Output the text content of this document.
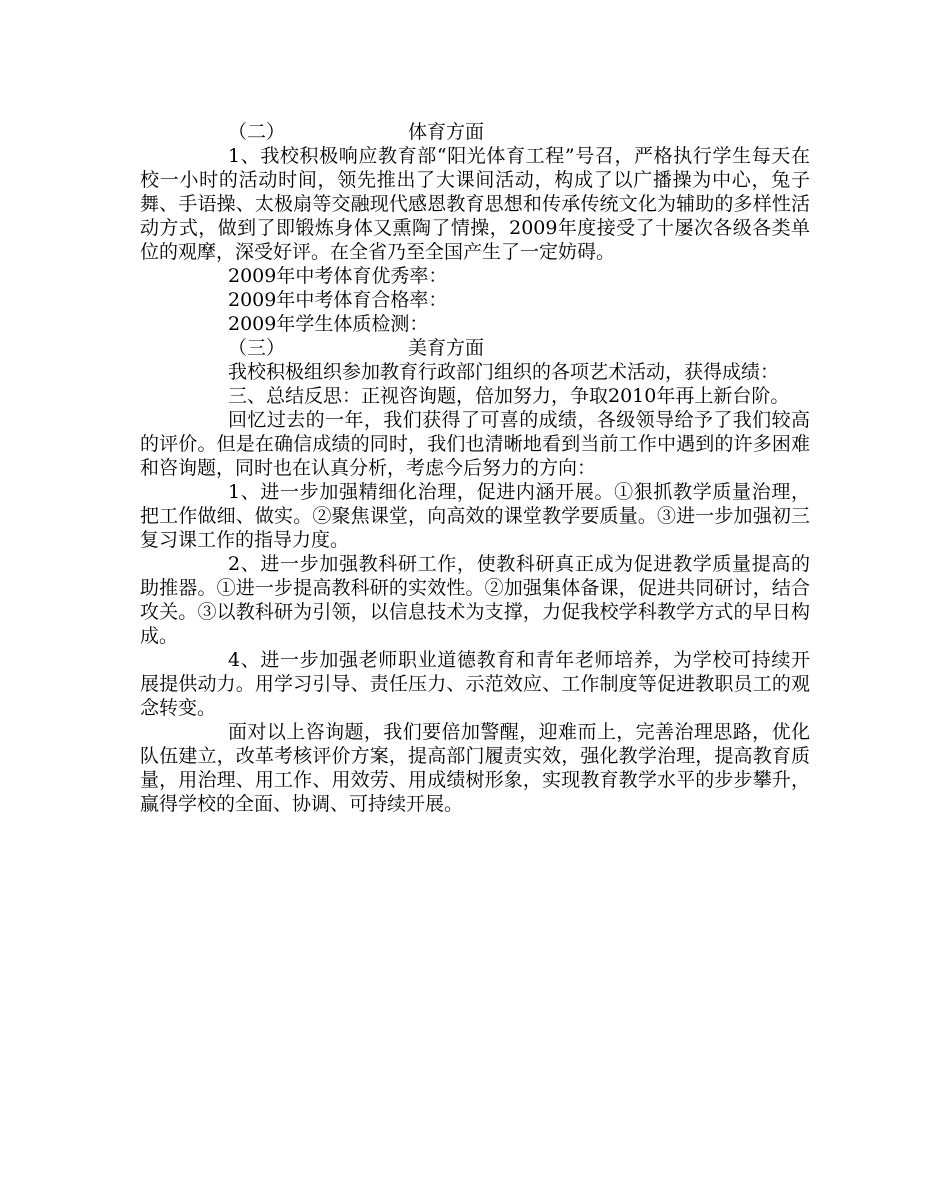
（二）	体育方面

1、我校积极响应教育部“阳光体育工程”号召，严格执行学生每天在校一小时的活动时间，领先推出了大课间活动，构成了以广播操为中心，兔子舞、手语操、太极扇等交融现代感恩教育思想和传承传统文化为辅助的多样性活动方式，做到了即锻炼身体又熏陶了情操，2009年度接受了十屡次各级各类单位的观摩，深受好评。在全省乃至全国产生了一定妨碍。

2009年中考体育优秀率：

2009年中考体育合格率：

2009年学生体质检测：

（三）	美育方面

我校积极组织参加教育行政部门组织的各项艺术活动，获得成绩：

三、总结反思：正视咨询题，倍加努力，争取2010年再上新台阶。

回忆过去的一年，我们获得了可喜的成绩，各级领导给予了我们较高的评价。但是在确信成绩的同时，我们也清晰地看到当前工作中遇到的许多困难和咨询题，同时也在认真分析，考虑今后努力的方向：

1、进一步加强精细化治理，促进内涵开展。①狠抓教学质量治理，把工作做细、做实。②聚焦课堂，向高效的课堂教学要质量。③进一步加强初三复习课工作的指导力度。

2、进一步加强教科研工作，使教科研真正成为促进教学质量提高的助推器。①进一步提高教科研的实效性。②加强集体备课，促进共同研讨，结合攻关。③以教科研为引领，以信息技术为支撑，力促我校学科教学方式的早日构成。

4、进一步加强老师职业道德教育和青年老师培养，为学校可持续开展提供动力。用学习引导、责任压力、示范效应、工作制度等促进教职员工的观念转变。

面对以上咨询题，我们要倍加警醒，迎难而上，完善治理思路，优化队伍建立，改革考核评价方案，提高部门履责实效，强化教学治理，提高教育质量，用治理、用工作、用效劳、用成绩树形象，实现教育教学水平的步步攀升，赢得学校的全面、协调、可持续开展。
